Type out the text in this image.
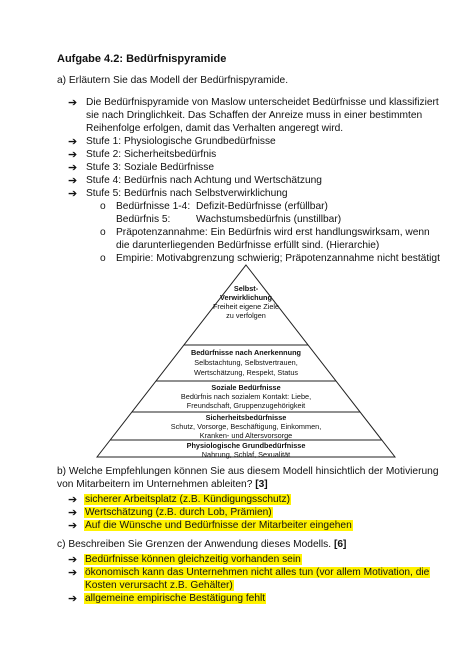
Aufgabe 4.2: Bedürfnispyramide
a) Erläutern Sie das Modell der Bedürfnispyramide.
➔ Die Bedürfnispyramide von Maslow unterscheidet Bedürfnisse und klassifiziert
sie nach Dringlichkeit. Das Schaffen der Anreize muss in einer bestimmten
Reihenfolge erfolgen, damit das Verhalten angeregt wird.
➔ Stufe 1: Physiologische Grundbedürfnisse
➔ Stufe 2: Sicherheitsbedürfnis
➔ Stufe 3: Soziale Bedürfnisse
➔ Stufe 4: Bedürfnis nach Achtung und Wertschätzung
➔ Stufe 5: Bedürfnis nach Selbstverwirklichung
o Bedürfnisse 1-4: Defizit-Bedürfnisse (erfüllbar)
Bedürfnis 5:	Wachstumsbedürfnis (unstillbar)
o Präpotenzannahme: Ein Bedürfnis wird erst handlungswirksam, wenn
die darunterliegenden Bedürfnisse erfüllt sind. (Hierarchie)
o Empirie: Motivabgrenzung schwierig; Präpotenzannahme nicht bestätigt
Selbst-
Verwirklichung
Freiheit eigene Ziele
zu verfolgen
Bedürfnisse nach Anerkennung
Selbstachtung, Selbstvertrauen,
Wertschätzung, Respekt, Status
Soziale Bedürfnisse
Bedürfnis nach sozialem Kontakt: Liebe,
Freundschaft, Gruppenzugehörigkeit
Sicherheitsbedürfnisse
Schutz, Vorsorge, Beschäftigung, Einkommen,
Kranken- und Altersvorsorge
Physiologische Grundbedürfnisse
Nahrung, Schlaf, Sexualität
b) Welche Empfehlungen können Sie aus diesem Modell hinsichtlich der Motivierung
von Mitarbeitern im Unternehmen ableiten? [3]
➔ sicherer Arbeitsplatz (z.B. Kündigungsschutz)
➔ Wertschätzung (z.B. durch Lob, Prämien)
➔ Auf die Wünsche und Bedürfnisse der Mitarbeiter eingehen
c) Beschreiben Sie Grenzen der Anwendung dieses Modells. [6]
➔ Bedürfnisse können gleichzeitig vorhanden sein
➔ ökonomisch kann das Unternehmen nicht alles tun (vor allem Motivation, die
Kosten verursacht z.B. Gehälter)
➔ allgemeine empirische Bestätigung fehlt
